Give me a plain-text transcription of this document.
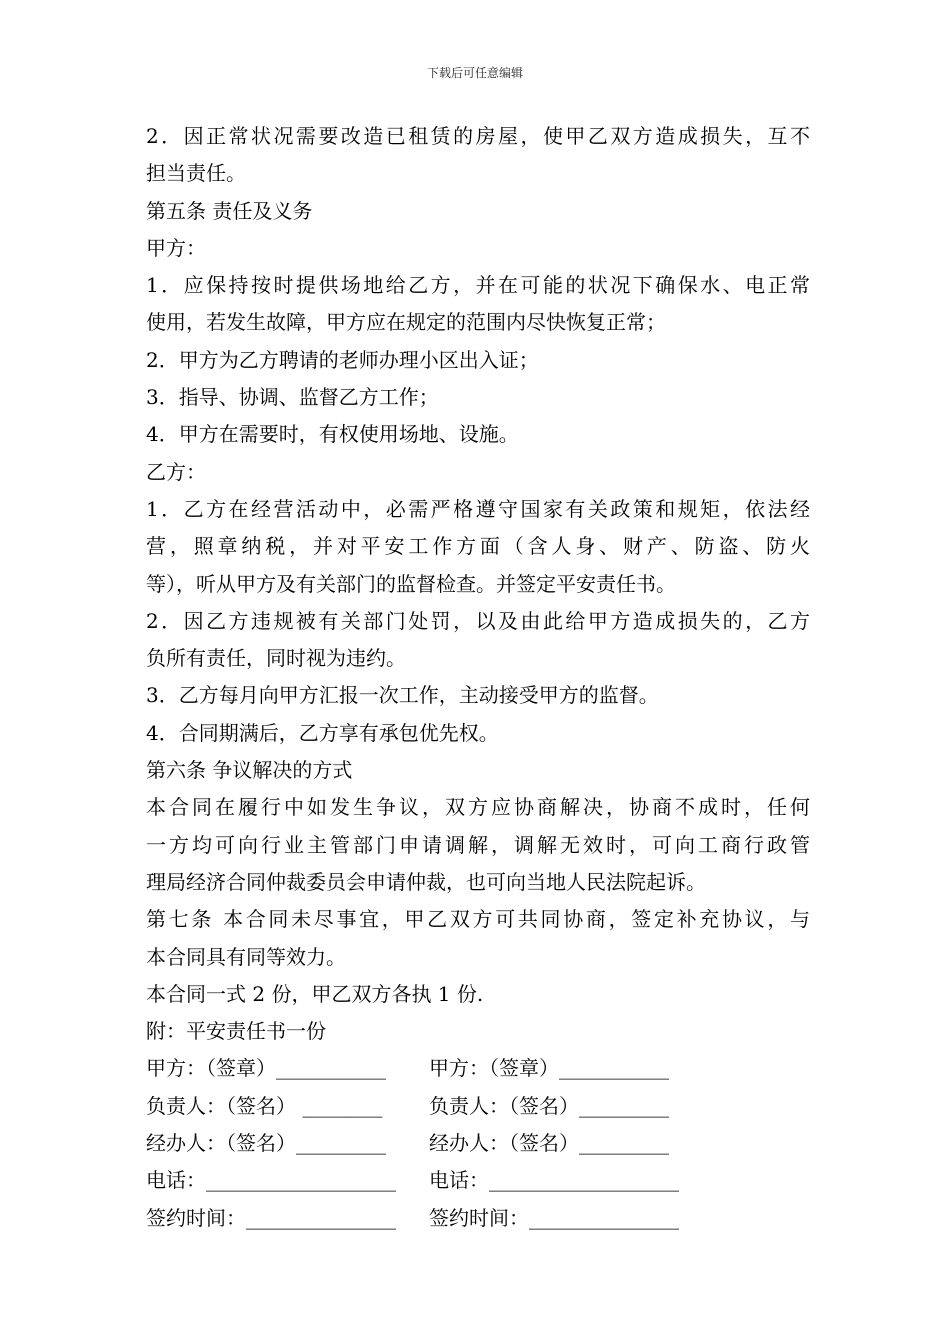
下载后可任意编辑
2．因正常状况需要改造已租赁的房屋，使甲乙双方造成损失，互不
担当责任。
第五条 责任及义务
甲方：
1．应保持按时提供场地给乙方，并在可能的状况下确保水、电正常
使用，若发生故障，甲方应在规定的范围内尽快恢复正常；
2．甲方为乙方聘请的老师办理小区出入证；
3．指导、协调、监督乙方工作；
4．甲方在需要时，有权使用场地、设施。
乙方：
1．乙方在经营活动中，必需严格遵守国家有关政策和规矩，依法经
营，照章纳税，并对平安工作方面（含人身、财产、防盗、防火
等），听从甲方及有关部门的监督检查。并签定平安责任书。
2．因乙方违规被有关部门处罚，以及由此给甲方造成损失的，乙方
负所有责任，同时视为违约。
3．乙方每月向甲方汇报一次工作，主动接受甲方的监督。
4．合同期满后，乙方享有承包优先权。
第六条 争议解决的方式
本合同在履行中如发生争议，双方应协商解决，协商不成时，任何
一方均可向行业主管部门申请调解，调解无效时，可向工商行政管
理局经济合同仲裁委员会申请仲裁，也可向当地人民法院起诉。
第七条 本合同未尽事宜，甲乙双方可共同协商，签定补充协议，与
本合同具有同等效力。
本合同一式 2 份，甲乙双方各执 1 份.
附：平安责任书一份
甲方：（签章）___________	甲方：（签章）___________
负责人：（签名） ________	负责人：（签名）_________
经办人：（签名）_________	经办人：（签名）_________
电话：___________________	电话：___________________
签约时间：_______________	签约时间：_______________
